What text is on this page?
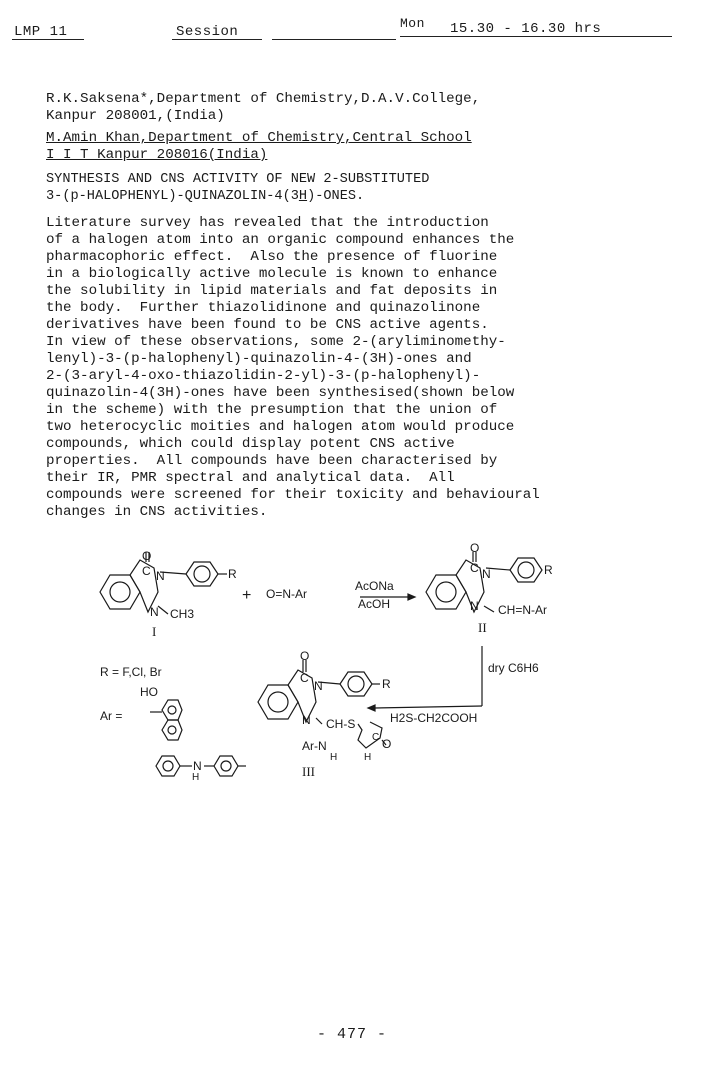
LMP 11	Session
Mon 15.30 - 16.30 hrs
R.K.Saksena*,Department of Chemistry,D.A.V.College,
Kanpur 208001,(India)
M.Amin Khan,Department of Chemistry,Central School
I I T Kanpur 208016(India)
SYNTHESIS AND CNS ACTIVITY OF NEW 2-SUBSTITUTED
3-(p-HALOPHENYL)-QUINAZOLIN-4(3H)-ONES.
Literature survey has revealed that the introduction
of a halogen atom into an organic compound enhances the
pharmacophoric effect.  Also the presence of fluorine
in a biologically active molecule is known to enhance
the solubility in lipid materials and fat deposits in
the body.  Further thiazolidinone and quinazolinone
derivatives have been found to be CNS active agents.
In view of these observations, some 2-(aryliminomethy-
lenyl)-3-(p-halophenyl)-quinazolin-4-(3H)-ones and
2-(3-aryl-4-oxo-thiazolidin-2-yl)-3-(p-halophenyl)-
quinazolin-4(3H)-ones have been synthesised(shown below
in the scheme) with the presumption that the union of
two heterocyclic moities and halogen atom would produce
compounds, which could display potent CNS active
properties.  All compounds have been characterised by
their IR, PMR spectral and analytical data.  All
compounds were screened for their toxicity and behavioural
changes in CNS activities.
O
C N	R
N CH3
I
+ O=N-Ar
AcONa
AcOH
O
C N	R
N CH=N-Ar
II
dry C6H6
H2S-CH2COOH
R = F,Cl, Br
HO
Ar =
H
N
O
C
N	R
N CH-S
Ar-N
C O
H	H
III
- 477 -
